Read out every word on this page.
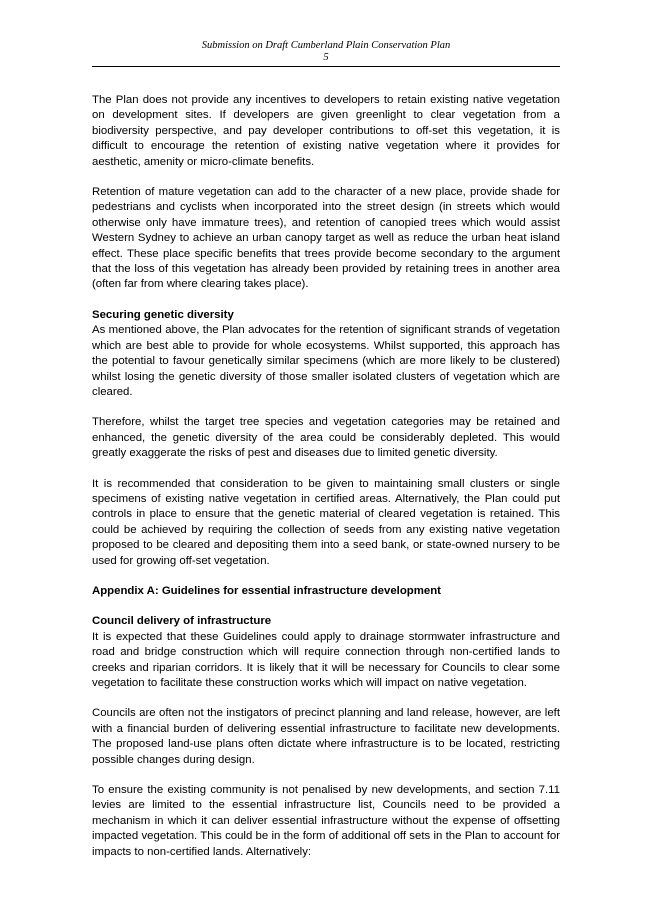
Submission on Draft Cumberland Plain Conservation Plan
5

The Plan does not provide any incentives to developers to retain existing native vegetation on development sites. If developers are given greenlight to clear vegetation from a biodiversity perspective, and pay developer contributions to off-set this vegetation, it is difficult to encourage the retention of existing native vegetation where it provides for aesthetic, amenity or micro-climate benefits.

Retention of mature vegetation can add to the character of a new place, provide shade for pedestrians and cyclists when incorporated into the street design (in streets which would otherwise only have immature trees), and retention of canopied trees which would assist Western Sydney to achieve an urban canopy target as well as reduce the urban heat island effect. These place specific benefits that trees provide become secondary to the argument that the loss of this vegetation has already been provided by retaining trees in another area (often far from where clearing takes place).

Securing genetic diversity

As mentioned above, the Plan advocates for the retention of significant strands of vegetation which are best able to provide for whole ecosystems. Whilst supported, this approach has the potential to favour genetically similar specimens (which are more likely to be clustered) whilst losing the genetic diversity of those smaller isolated clusters of vegetation which are cleared.

Therefore, whilst the target tree species and vegetation categories may be retained and enhanced, the genetic diversity of the area could be considerably depleted. This would greatly exaggerate the risks of pest and diseases due to limited genetic diversity.

It is recommended that consideration to be given to maintaining small clusters or single specimens of existing native vegetation in certified areas. Alternatively, the Plan could put controls in place to ensure that the genetic material of cleared vegetation is retained. This could be achieved by requiring the collection of seeds from any existing native vegetation proposed to be cleared and depositing them into a seed bank, or state-owned nursery to be used for growing off-set vegetation.

Appendix A: Guidelines for essential infrastructure development

Council delivery of infrastructure

It is expected that these Guidelines could apply to drainage stormwater infrastructure and road and bridge construction which will require connection through non-certified lands to creeks and riparian corridors. It is likely that it will be necessary for Councils to clear some vegetation to facilitate these construction works which will impact on native vegetation.

Councils are often not the instigators of precinct planning and land release, however, are left with a financial burden of delivering essential infrastructure to facilitate new developments. The proposed land-use plans often dictate where infrastructure is to be located, restricting possible changes during design.

To ensure the existing community is not penalised by new developments, and section 7.11 levies are limited to the essential infrastructure list, Councils need to be provided a mechanism in which it can deliver essential infrastructure without the expense of offsetting impacted vegetation. This could be in the form of additional off sets in the Plan to account for impacts to non-certified lands. Alternatively:
